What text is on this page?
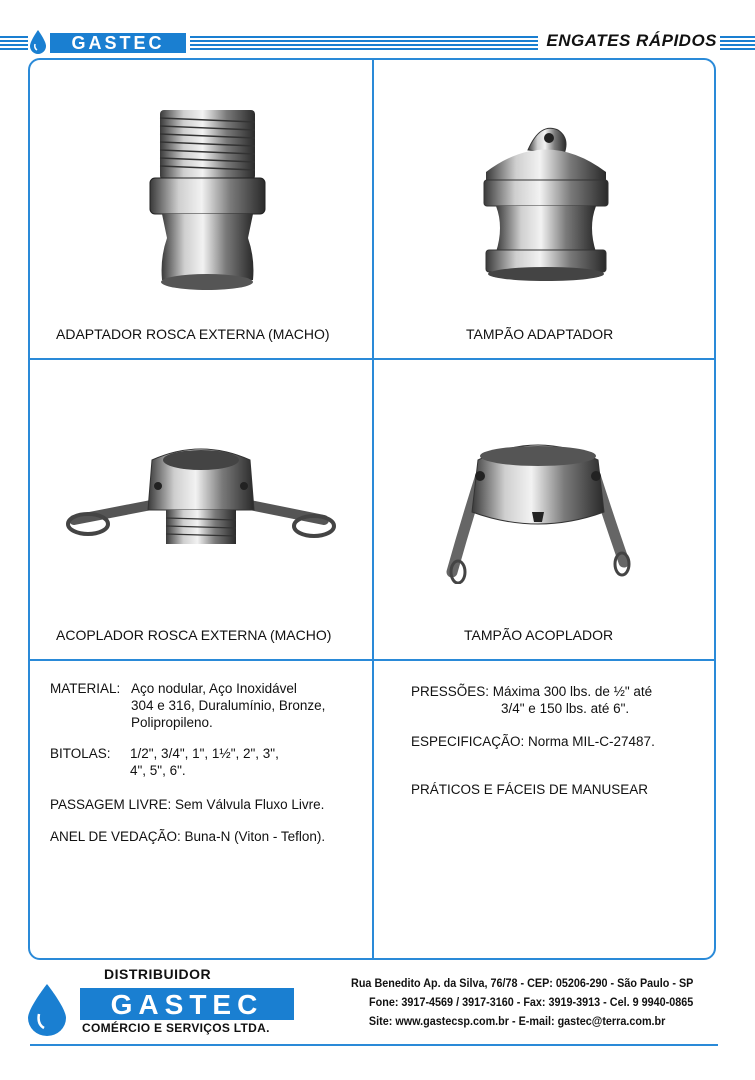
GASTEC	ENGATES RÁPIDOS
ADAPTADOR ROSCA EXTERNA (MACHO)	TAMPÃO ADAPTADOR
ACOPLADOR ROSCA EXTERNA (MACHO)	TAMPÃO ACOPLADOR
MATERIAL: Aço nodular, Aço Inoxidável
304 e 316, Duralumínio, Bronze,
Polipropileno.
BITOLAS: 1/2", 3/4", 1", 1½", 2", 3",
4", 5", 6".
PASSAGEM LIVRE: Sem Válvula Fluxo Livre.
ANEL DE VEDAÇÃO: Buna-N (Viton - Teflon).
PRESSÕES: Máxima 300 lbs. de ½" até
3/4" e 150 lbs. até 6".
ESPECIFICAÇÃO: Norma MIL-C-27487.
PRÁTICOS E FÁCEIS DE MANUSEAR
DISTRIBUIDOR
GASTEC
COMÉRCIO E SERVIÇOS LTDA.
Rua Benedito Ap. da Silva, 76/78 - CEP: 05206-290 - São Paulo - SP
Fone: 3917-4569 / 3917-3160 - Fax: 3919-3913 - Cel. 9 9940-0865
Site: www.gastecsp.com.br - E-mail: gastec@terra.com.br
